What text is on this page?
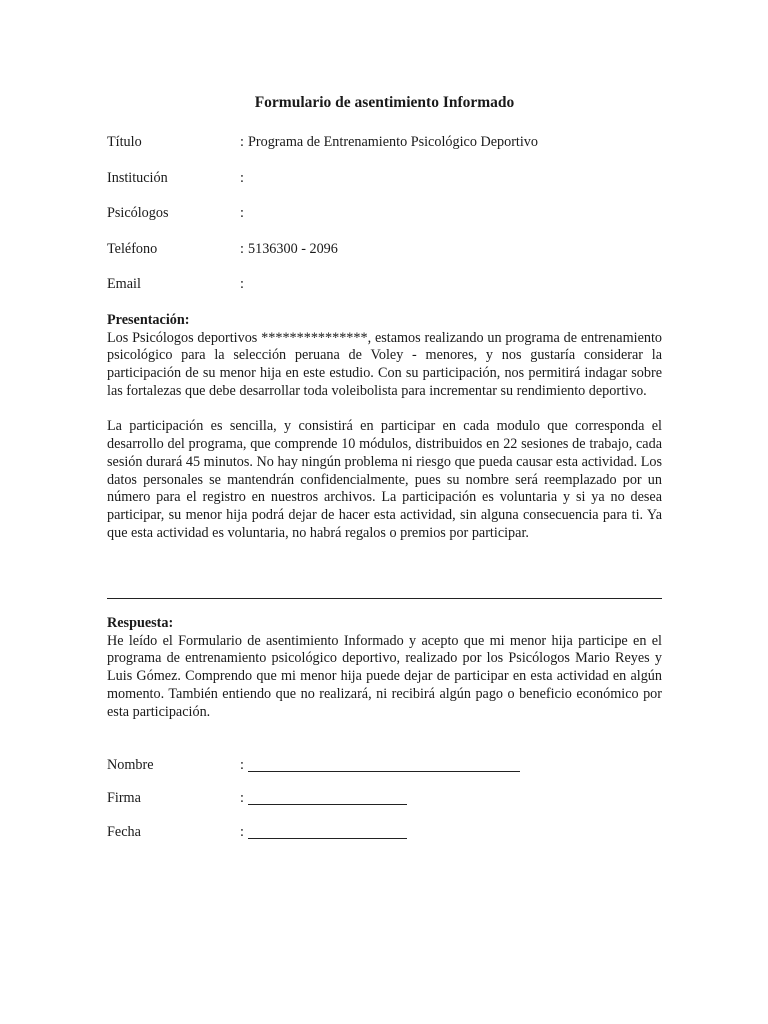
Formulario de asentimiento Informado
Título	: Programa de Entrenamiento Psicológico Deportivo
Institución	:
Psicólogos	:
Teléfono	: 5136300 - 2096
Email	:
Presentación:

Los Psicólogos deportivos ***************, estamos realizando un programa de entrenamiento psicológico para la selección peruana de Voley - menores, y nos gustaría considerar la participación de su menor hija en este estudio. Con su participación, nos permitirá indagar sobre las fortalezas que debe desarrollar toda voleibolista para incrementar su rendimiento deportivo.

La participación es sencilla, y consistirá en participar en cada modulo que corresponda el desarrollo del programa, que comprende 10 módulos, distribuidos en 22 sesiones de trabajo, cada sesión durará 45 minutos. No hay ningún problema ni riesgo que pueda causar esta actividad. Los datos personales se mantendrán confidencialmente, pues su nombre será reemplazado por un número para el registro en nuestros archivos. La participación es voluntaria y si ya no desea participar, su menor hija podrá dejar de hacer esta actividad, sin alguna consecuencia para ti. Ya que esta actividad es voluntaria, no habrá regalos o premios por participar.

Respuesta:

He leído el Formulario de asentimiento Informado y acepto que mi menor hija participe en el programa de entrenamiento psicológico deportivo, realizado por los Psicólogos Mario Reyes y Luis Gómez. Comprendo que mi menor hija puede dejar de participar en esta actividad en algún momento. También entiendo que no realizará, ni recibirá algún pago o beneficio económico por esta participación.

Nombre	:
Firma	:
Fecha	:
